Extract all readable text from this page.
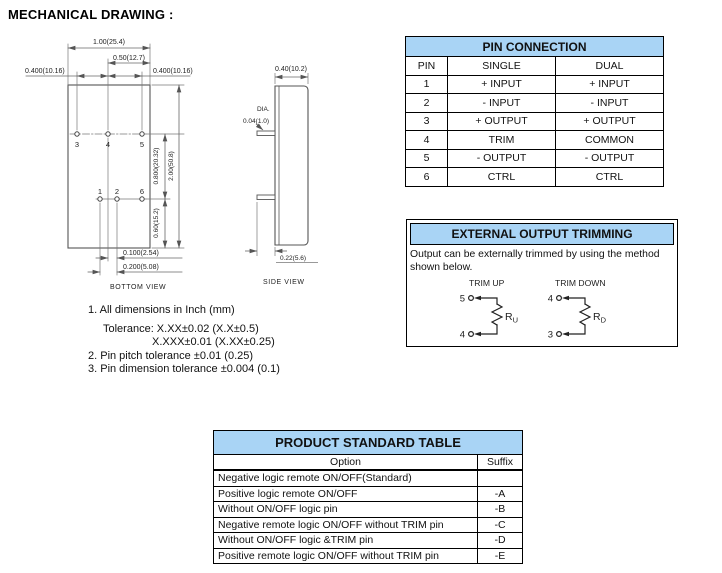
MECHANICAL DRAWING :
3	4	5
1 2	6
1.00(25.4)
0.50(12.7)
0.400(10.16)	0.400(10.16)
0.100(2.54)
0.200(5.08)
0.800(20.32) 2.00(50.8)
0.60(15.2)
BOTTOM VIEW
0.40(10.2)
DIA.
0.04(1.0)
0.22(5.6)
SIDE VIEW
1. All dimensions in Inch (mm)
Tolerance: X.XX±0.02 (X.X±0.5)
X.XXX±0.01 (X.XX±0.25)
2. Pin pitch tolerance ±0.01 (0.25)
3. Pin dimension tolerance ±0.004 (0.1)
PIN CONNECTION		
PIN	SINGLE	DUAL
1	+ INPUT	+ INPUT
2	- INPUT	- INPUT
3	+ OUTPUT	+ OUTPUT
4	TRIM	COMMON
5	- OUTPUT	- OUTPUT
6	CTRL	CTRL
EXTERNAL OUTPUT TRIMMING
Output can be externally trimmed by using the method shown below.
TRIM UP
5
4
$R_U$
TRIM DOWN
4
3
$R_D$
PRODUCT STANDARD TABLE	
Option	Suffix
Negative logic remote ON/OFF(Standard)	
Positive logic remote ON/OFF	-A
Without ON/OFF logic pin	-B
Negative remote logic ON/OFF without TRIM pin	-C
Without ON/OFF logic &TRIM pin	-D
Positive remote logic ON/OFF without TRIM pin	-E
